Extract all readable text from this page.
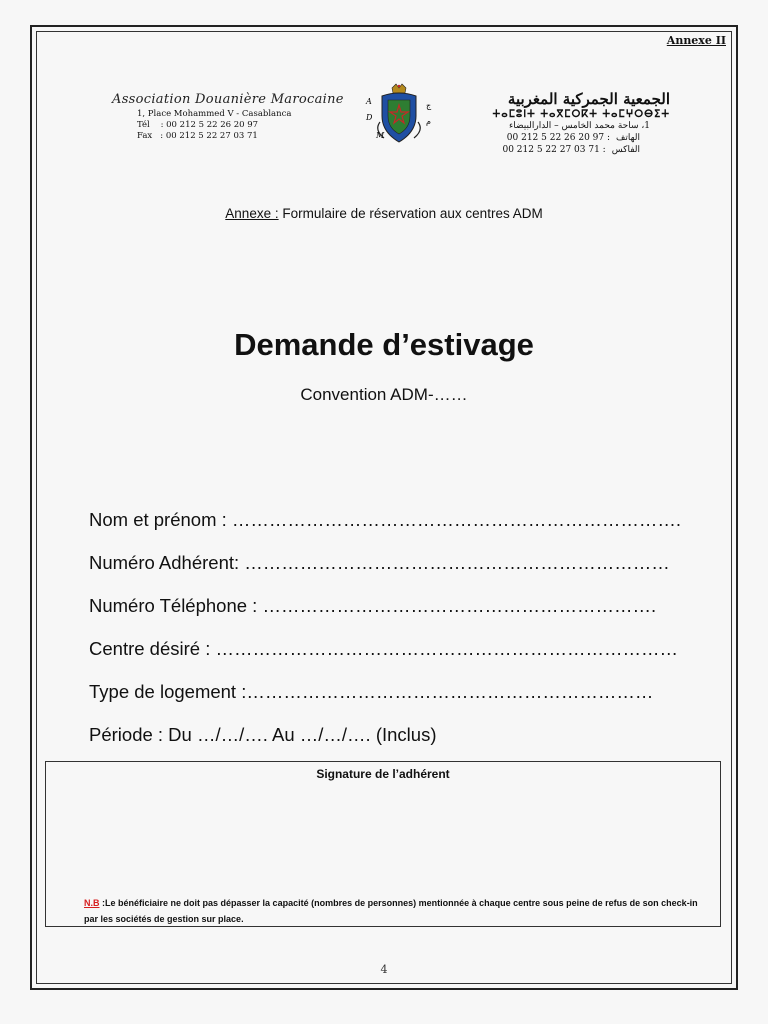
Annexe II
Association Douanière Marocaine
1, Place Mohammed V - Casablanca
Tél : 00 212 5 22 26 20 97
Fax : 00 212 5 22 27 03 71
A
D
M
ج
م
الجمعية الجمركية المغربية
ⵜⴰⵎⵓⵏⵜ ⵜⴰⴳⵎⵔⴽⵜ ⵜⴰⵎⵖⵔⴱⵉⵜ
1، ساحة محمد الخامس – الدارالبيضاء
00 212 5 22 26 20 97 : الهاتف
00 212 5 22 27 03 71 : الفاكس
Annexe : Formulaire de réservation aux centres ADM
Demande d’estivage
Convention ADM-……
Nom et prénom : ……………………………………………………………….
Numéro Adhérent: ……………………………………………………………
Numéro Téléphone : ……………………………………………………….
Centre désiré : …………………………………………………………………
Type de logement :…………………………………………………………
Période : Du …/…/…. Au …/…/…. (Inclus)
Signature de l’adhérent
N.B :Le bénéficiaire ne doit pas dépasser la capacité (nombres de personnes) mentionnée à chaque centre sous peine de refus de son check-in par les sociétés de gestion sur place.
4
